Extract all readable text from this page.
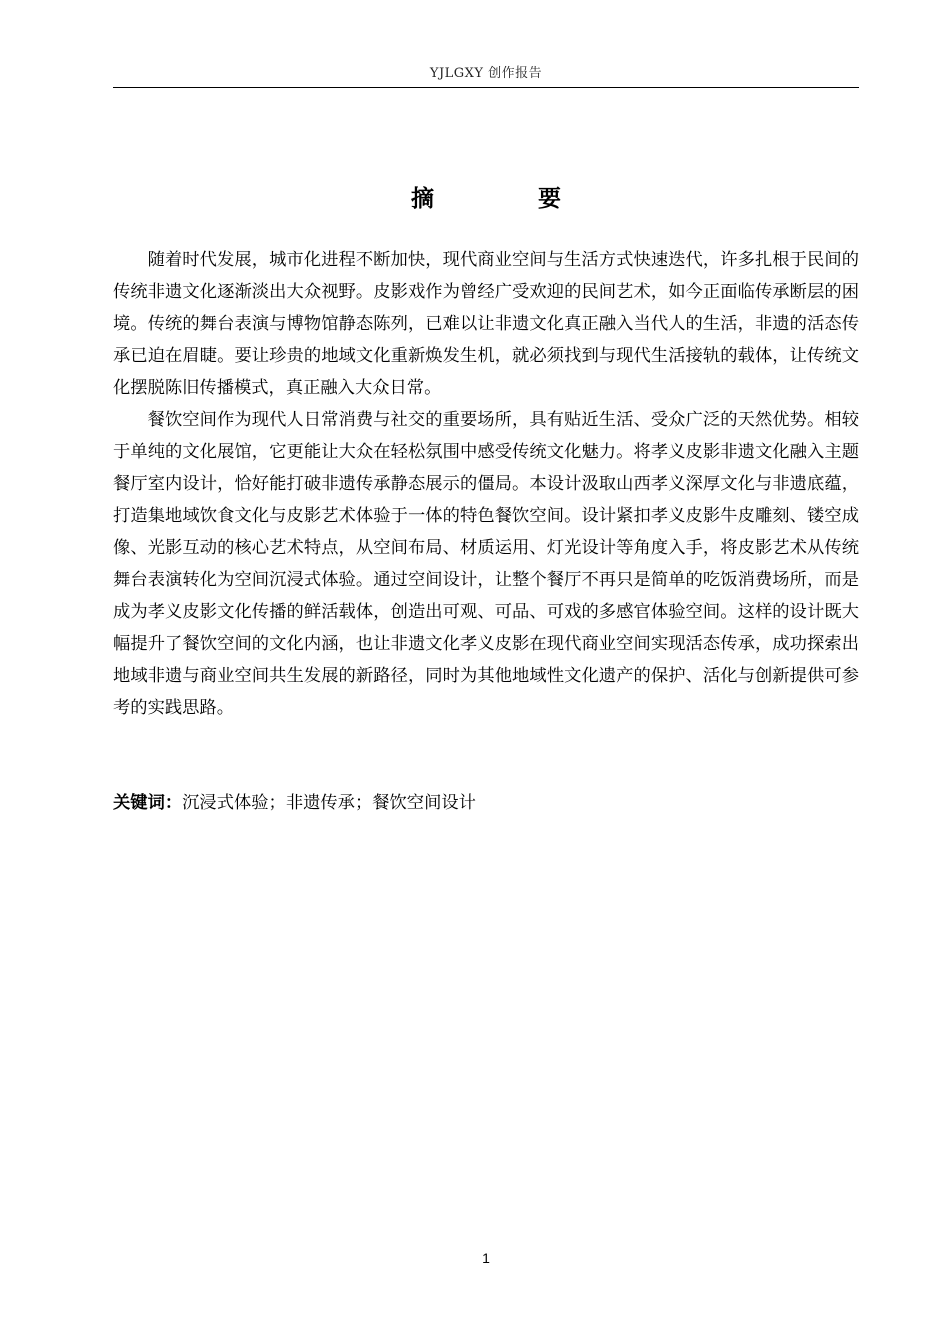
YJLGXY 创作报告
摘 要

随着时代发展，城市化进程不断加快，现代商业空间与生活方式快速迭代，许多扎根于民间的传统非遗文化逐渐淡出大众视野。皮影戏作为曾经广受欢迎的民间艺术，如今正面临传承断层的困境。传统的舞台表演与博物馆静态陈列，已难以让非遗文化真正融入当代人的生活，非遗的活态传承已迫在眉睫。要让珍贵的地域文化重新焕发生机，就必须找到与现代生活接轨的载体，让传统文化摆脱陈旧传播模式，真正融入大众日常。

餐饮空间作为现代人日常消费与社交的重要场所，具有贴近生活、受众广泛的天然优势。相较于单纯的文化展馆，它更能让大众在轻松氛围中感受传统文化魅力。将孝义皮影非遗文化融入主题餐厅室内设计，恰好能打破非遗传承静态展示的僵局。本设计汲取山西孝义深厚文化与非遗底蕴，打造集地域饮食文化与皮影艺术体验于一体的特色餐饮空间。设计紧扣孝义皮影牛皮雕刻、镂空成像、光影互动的核心艺术特点，从空间布局、材质运用、灯光设计等角度入手，将皮影艺术从传统舞台表演转化为空间沉浸式体验。通过空间设计，让整个餐厅不再只是简单的吃饭消费场所，而是成为孝义皮影文化传播的鲜活载体，创造出可观、可品、可戏的多感官体验空间。这样的设计既大幅提升了餐饮空间的文化内涵，也让非遗文化孝义皮影在现代商业空间实现活态传承，成功探索出地域非遗与商业空间共生发展的新路径，同时为其他地域性文化遗产的保护、活化与创新提供可参考的实践思路。

关键词：沉浸式体验；非遗传承；餐饮空间设计
1
